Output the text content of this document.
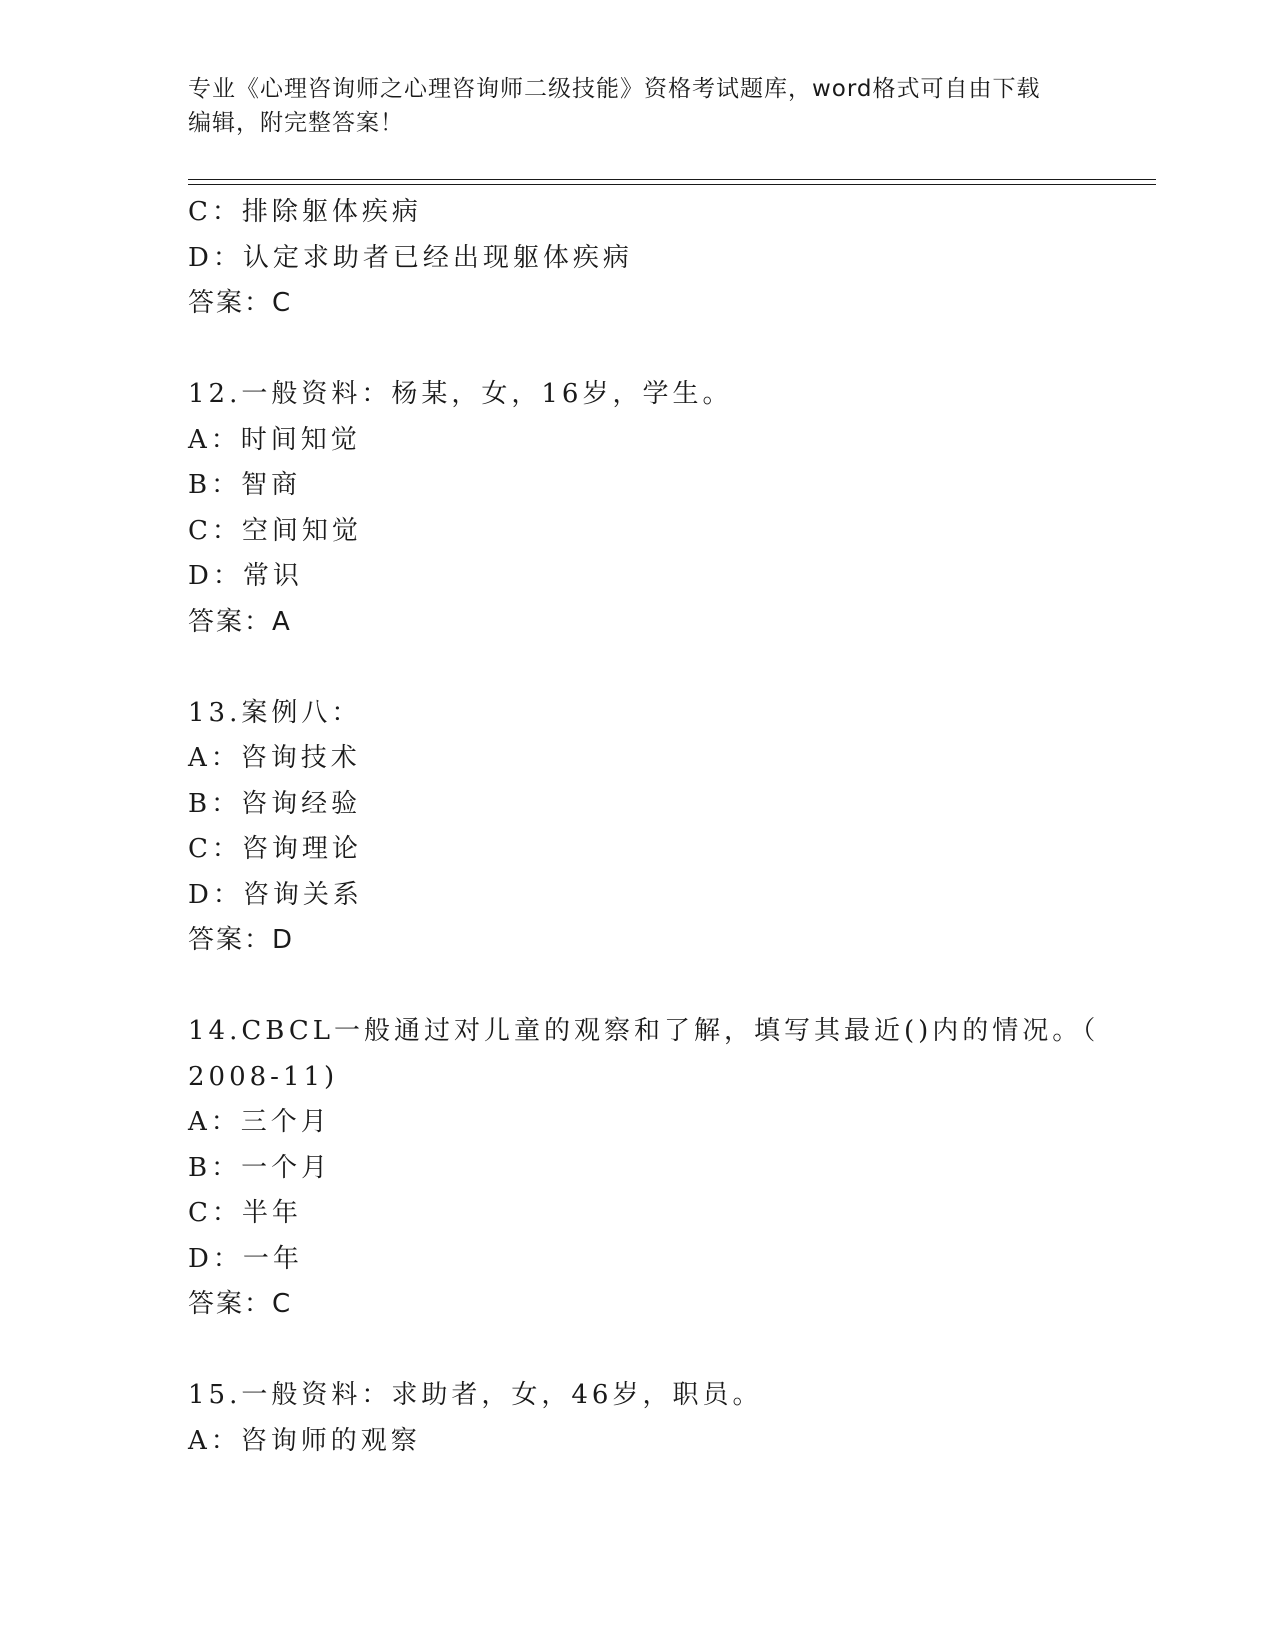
专业《心理咨询师之心理咨询师二级技能》资格考试题库，word格式可自由下载
编辑，附完整答案！
C：排除躯体疾病
D：认定求助者已经出现躯体疾病
答案：C
12.一般资料：杨某，女，16岁，学生。
A：时间知觉
B：智商
C：空间知觉
D：常识
答案：A
13.案例八：
A：咨询技术
B：咨询经验
C：咨询理论
D：咨询关系
答案：D
14.CBCL一般通过对儿童的观察和了解，填写其最近()内的情况。（
2008-11)
A：三个月
B：一个月
C：半年
D：一年
答案：C
15.一般资料：求助者，女，46岁，职员。
A：咨询师的观察
